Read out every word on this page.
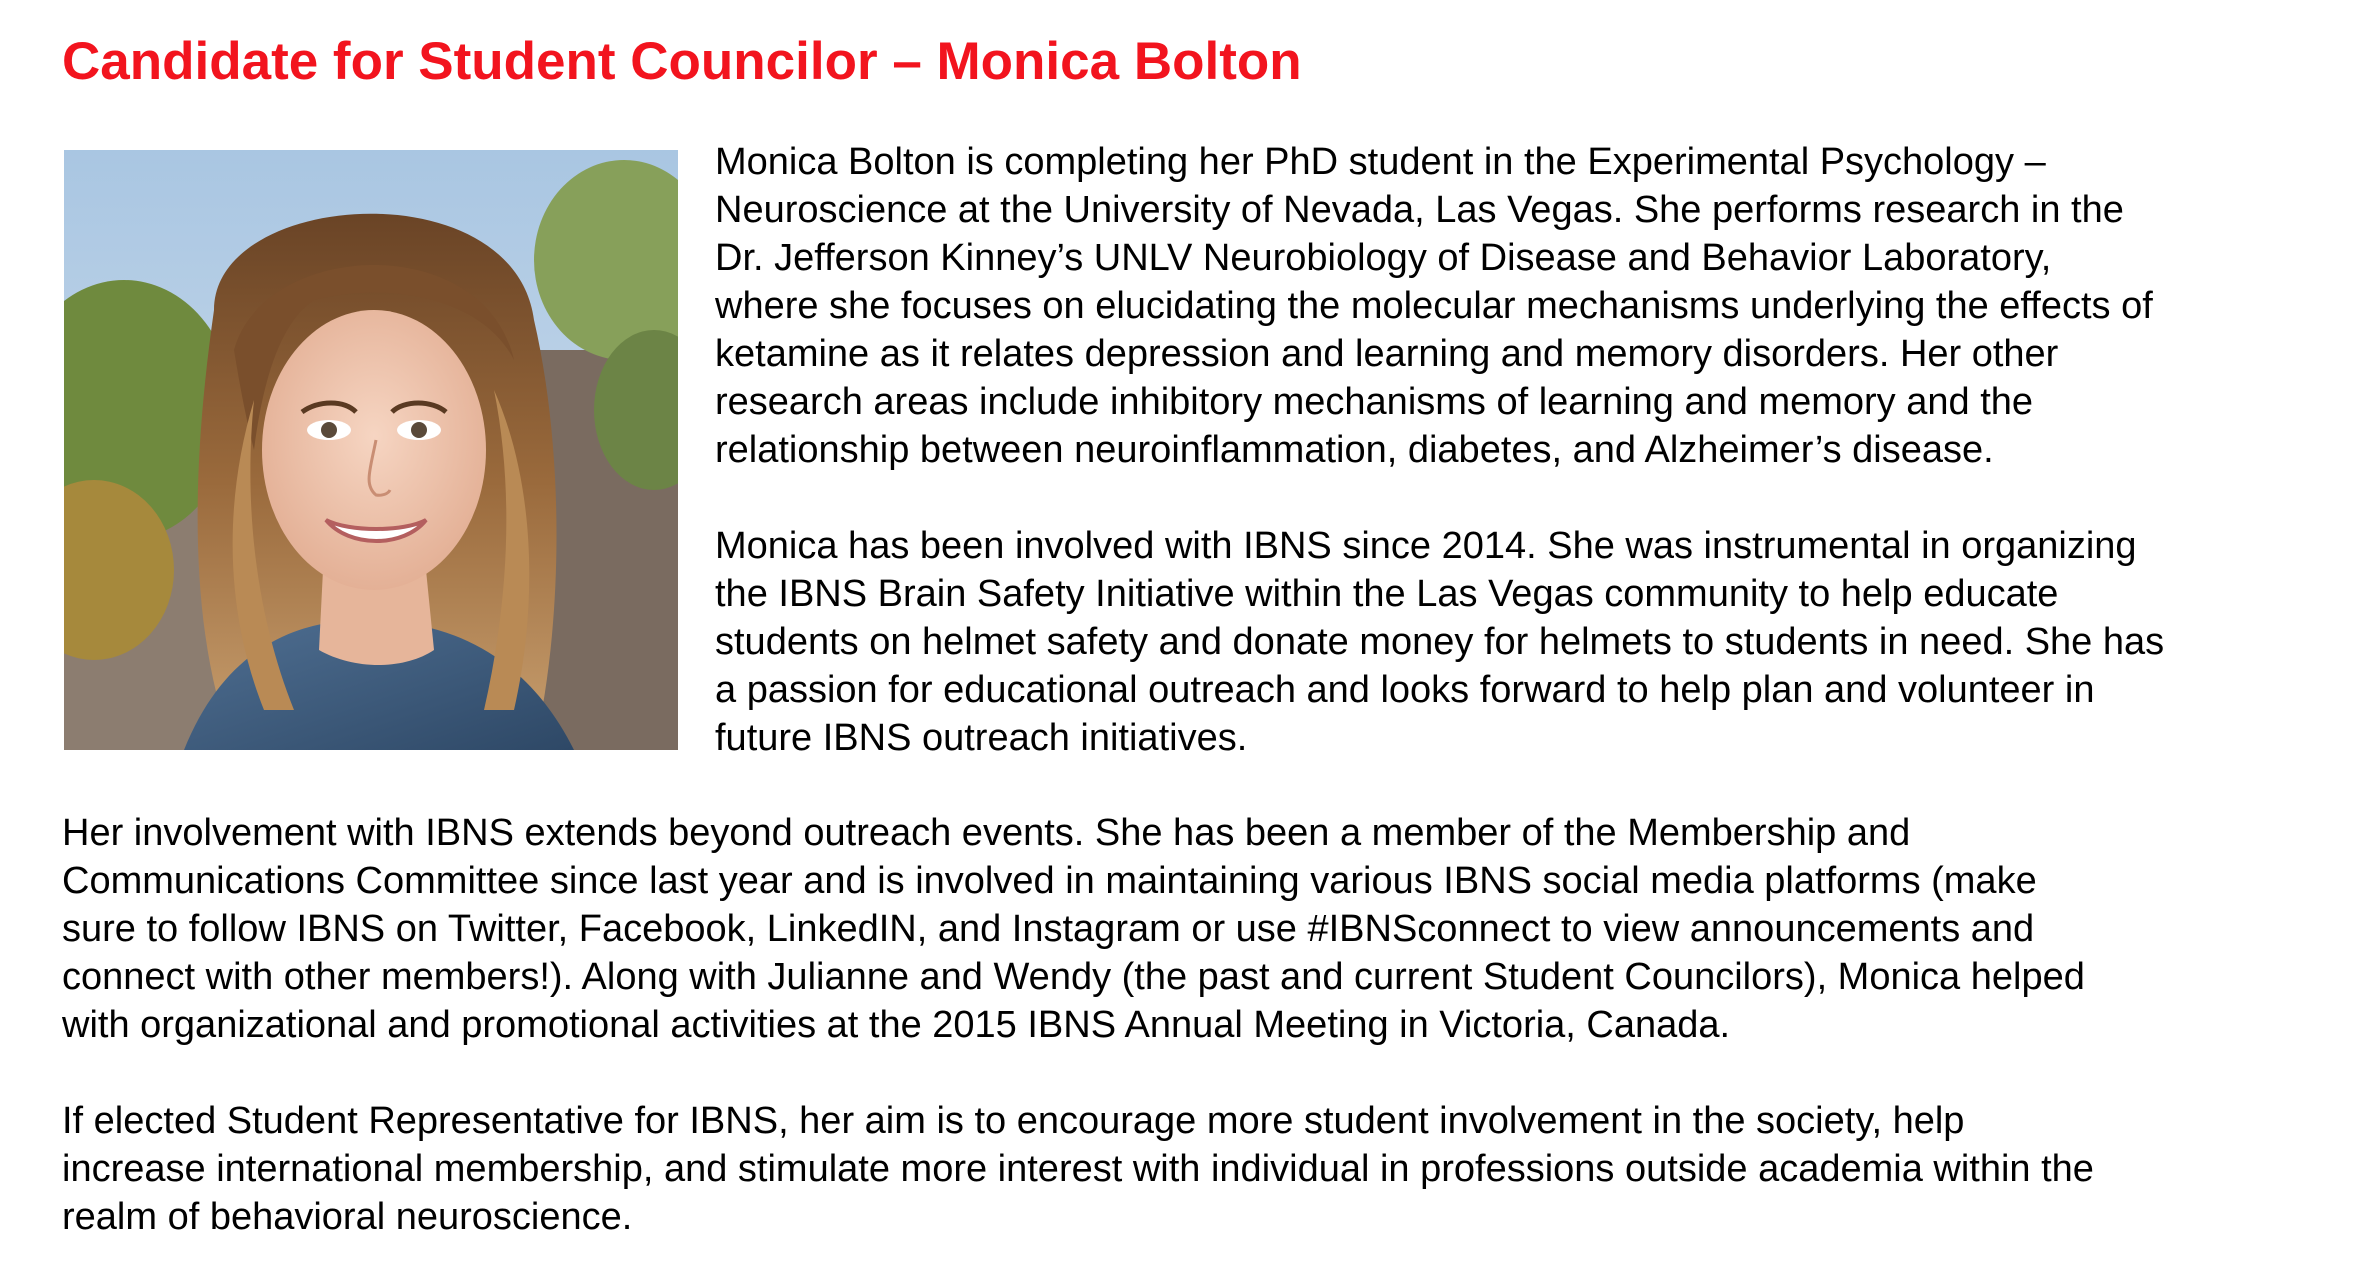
Candidate for Student Councilor – Monica Bolton

Monica Bolton is completing her PhD student in the Experimental Psychology –
Neuroscience at the University of Nevada, Las Vegas. She performs research in the
Dr. Jefferson Kinney’s UNLV Neurobiology of Disease and Behavior Laboratory,
where she focuses on elucidating the molecular mechanisms underlying the effects of
ketamine as it relates depression and learning and memory disorders. Her other
research areas include inhibitory mechanisms of learning and memory and the
relationship between neuroinflammation, diabetes, and Alzheimer’s disease.

Monica has been involved with IBNS since 2014. She was instrumental in organizing
the IBNS Brain Safety Initiative within the Las Vegas community to help educate
students on helmet safety and donate money for helmets to students in need. She has
a passion for educational outreach and looks forward to help plan and volunteer in
future IBNS outreach initiatives.

Her involvement with IBNS extends beyond outreach events. She has been a member of the Membership and
Communications Committee since last year and is involved in maintaining various IBNS social media platforms (make
sure to follow IBNS on Twitter, Facebook, LinkedIN, and Instagram or use #IBNSconnect to view announcements and
connect with other members!). Along with Julianne and Wendy (the past and current Student Councilors), Monica helped
with organizational and promotional activities at the 2015 IBNS Annual Meeting in Victoria, Canada.

If elected Student Representative for IBNS, her aim is to encourage more student involvement in the society, help
increase international membership, and stimulate more interest with individual in professions outside academia within the
realm of behavioral neuroscience.
